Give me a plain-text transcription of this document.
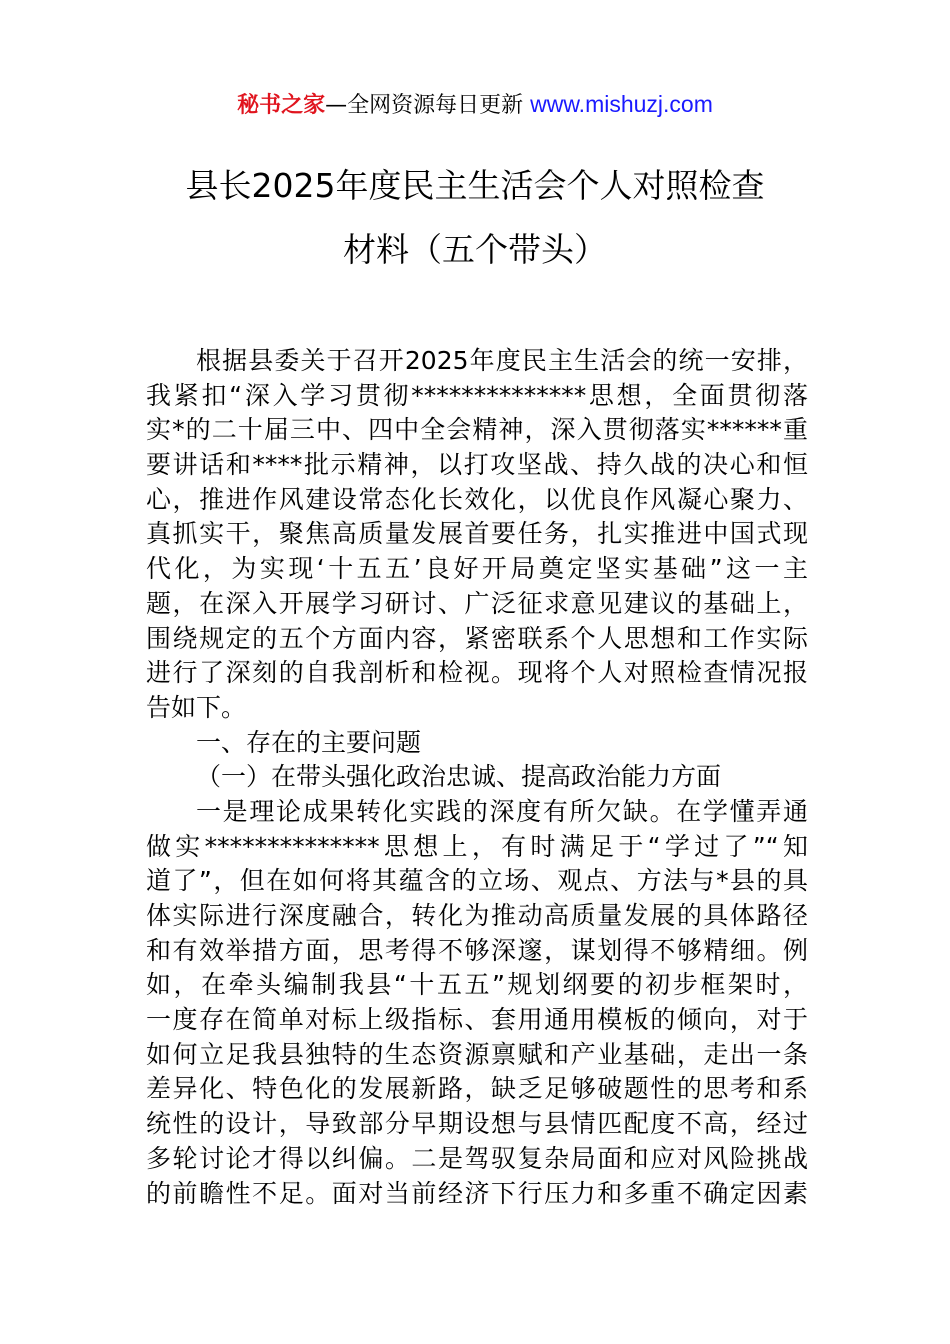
秘书之家—全网资源每日更新 www.mishuzj.com
县长2025年度民主生活会个人对照检查
材料（五个带头）
根据县委关于召开2025年度民主生活会的统一安排，
我紧扣“深入学习贯彻**************思想，全面贯彻落
实*的二十届三中、四中全会精神，深入贯彻落实******重
要讲话和****批示精神，以打攻坚战、持久战的决心和恒
心，推进作风建设常态化长效化，以优良作风凝心聚力、
真抓实干，聚焦高质量发展首要任务，扎实推进中国式现
代化，为实现‘十五五’良好开局奠定坚实基础”这一主
题，在深入开展学习研讨、广泛征求意见建议的基础上，
围绕规定的五个方面内容，紧密联系个人思想和工作实际
进行了深刻的自我剖析和检视。现将个人对照检查情况报
告如下。
一、存在的主要问题
（一）在带头强化政治忠诚、提高政治能力方面
一是理论成果转化实践的深度有所欠缺。在学懂弄通
做实**************思想上，有时满足于“学过了”“知
道了”，但在如何将其蕴含的立场、观点、方法与*县的具
体实际进行深度融合，转化为推动高质量发展的具体路径
和有效举措方面，思考得不够深邃，谋划得不够精细。例
如，在牵头编制我县“十五五”规划纲要的初步框架时，
一度存在简单对标上级指标、套用通用模板的倾向，对于
如何立足我县独特的生态资源禀赋和产业基础，走出一条
差异化、特色化的发展新路，缺乏足够破题性的思考和系
统性的设计，导致部分早期设想与县情匹配度不高，经过
多轮讨论才得以纠偏。二是驾驭复杂局面和应对风险挑战
的前瞻性不足。面对当前经济下行压力和多重不确定因素
